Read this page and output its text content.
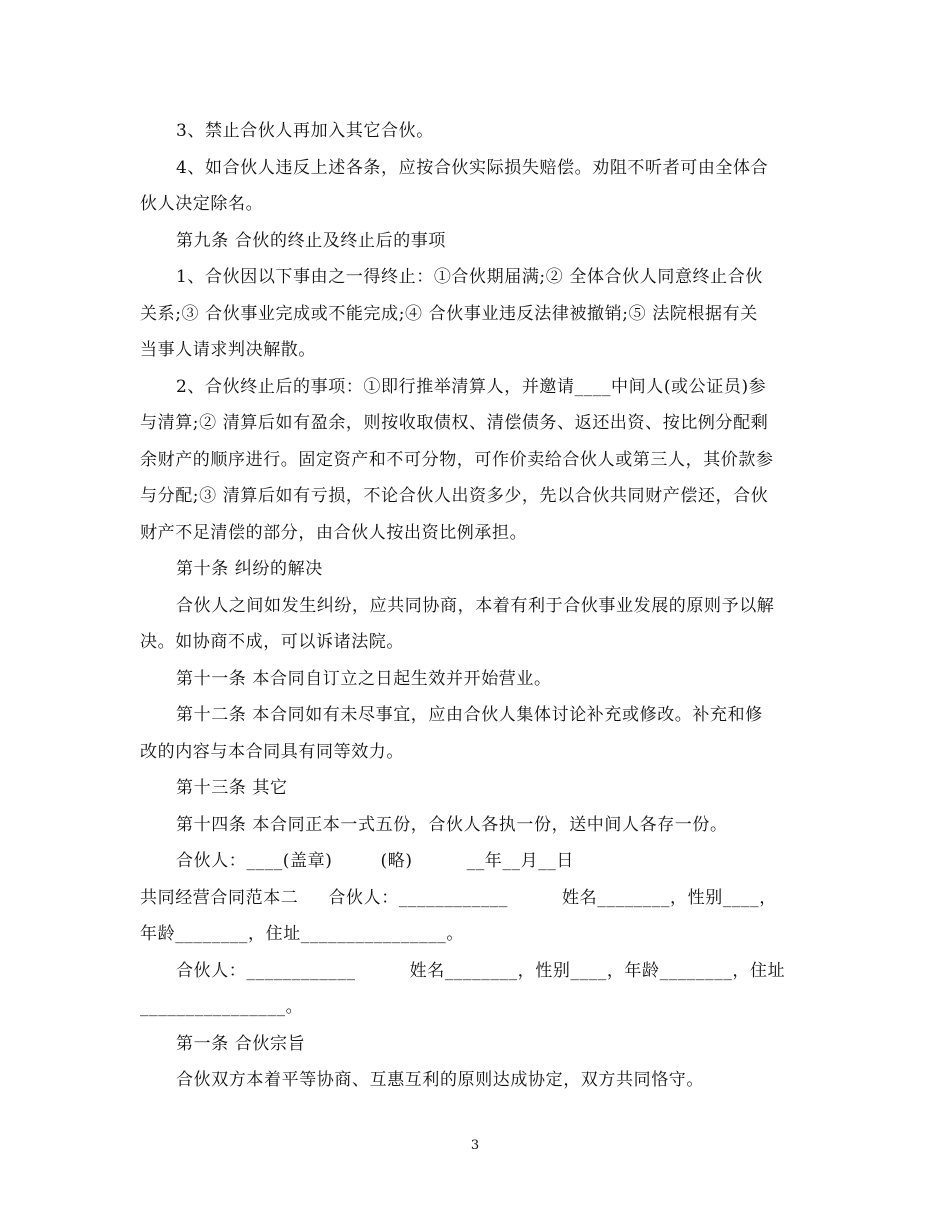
3、禁止合伙人再加入其它合伙。
4、如合伙人违反上述各条，应按合伙实际损失赔偿。劝阻不听者可由全体合
伙人决定除名。
第九条 合伙的终止及终止后的事项
1、合伙因以下事由之一得终止：①合伙期届满;② 全体合伙人同意终止合伙
关系;③ 合伙事业完成或不能完成;④ 合伙事业违反法律被撤销;⑤ 法院根据有关
当事人请求判决解散。
2、合伙终止后的事项：①即行推举清算人，并邀请____中间人(或公证员)参
与清算;② 清算后如有盈余，则按收取债权、清偿债务、返还出资、按比例分配剩
余财产的顺序进行。固定资产和不可分物，可作价卖给合伙人或第三人，其价款参
与分配;③ 清算后如有亏损，不论合伙人出资多少，先以合伙共同财产偿还，合伙
财产不足清偿的部分，由合伙人按出资比例承担。
第十条 纠纷的解决
合伙人之间如发生纠纷，应共同协商，本着有利于合伙事业发展的原则予以解
决。如协商不成，可以诉诸法院。
第十一条 本合同自订立之日起生效并开始营业。
第十二条 本合同如有未尽事宜，应由合伙人集体讨论补充或修改。补充和修
改的内容与本合同具有同等效力。
第十三条 其它
第十四条 本合同正本一式五份，合伙人各执一份，送中间人各存一份。
合伙人：____(盖章)        (略)         __年__月__日
共同经营合同范本二     合伙人：____________         姓名________，性别____，
年龄________，住址________________。
合伙人：____________         姓名________，性别____，年龄________，住址
________________。
第一条 合伙宗旨
合伙双方本着平等协商、互惠互利的原则达成协定，双方共同恪守。
3
